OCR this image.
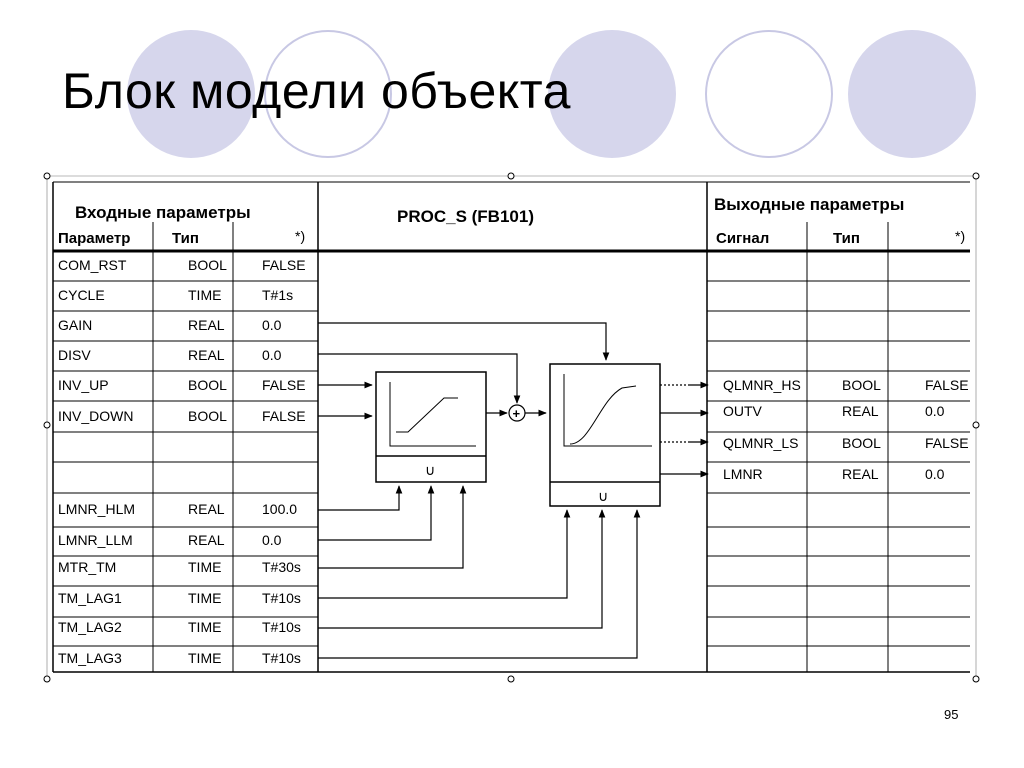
Блок модели объекта
Входные параметры
Параметр	Тип	*)
PROC_S (FB101)
Выходные параметры
Сигнал	Тип	*)
COM_RST	BOOL	FALSE
CYCLE	TIME	T#1s
GAIN	REAL	0.0
DISV	REAL	0.0
INV_UP	BOOL	FALSE
INV_DOWN	BOOL	FALSE
LMNR_HLM	REAL	100.0
LMNR_LLM	REAL	0.0
MTR_TM	TIME	T#30s
TM_LAG1	TIME	T#10s
TM_LAG2	TIME	T#10s
TM_LAG3	TIME	T#10s
QLMNR_HS	BOOL	FALSE
OUTV	REAL	0.0
QLMNR_LS	BOOL	FALSE
LMNR	REAL	0.0
∪
∪
+
95
